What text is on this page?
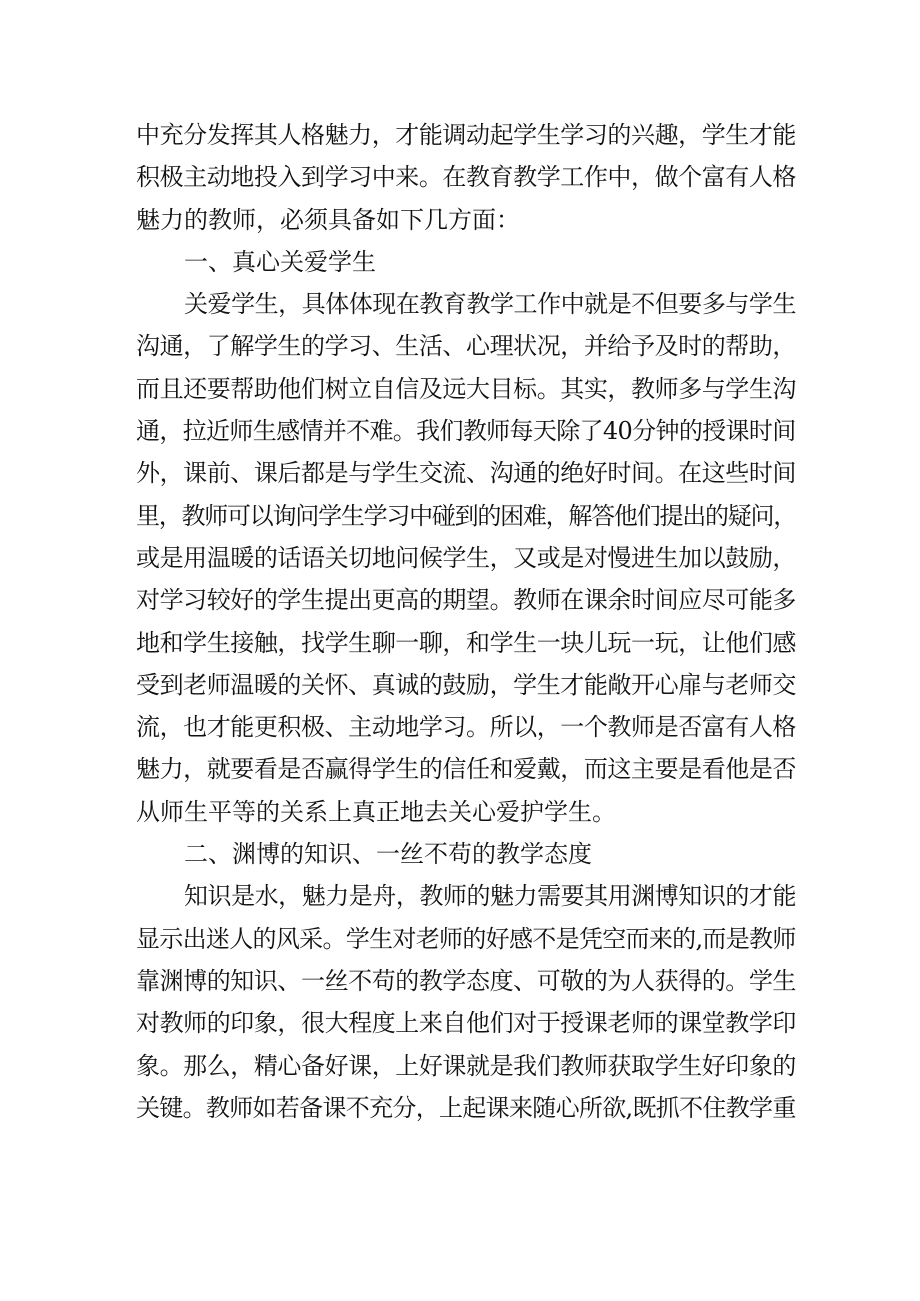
中充分发挥其人格魅力，才能调动起学生学习的兴趣，学生才能
积极主动地投入到学习中来。在教育教学工作中，做个富有人格
魅力的教师，必须具备如下几方面：
一、真心关爱学生
关爱学生，具体体现在教育教学工作中就是不但要多与学生
沟通，了解学生的学习、生活、心理状况，并给予及时的帮助，
而且还要帮助他们树立自信及远大目标。其实，教师多与学生沟
通，拉近师生感情并不难。我们教师每天除了40分钟的授课时间
外，课前、课后都是与学生交流、沟通的绝好时间。在这些时间
里，教师可以询问学生学习中碰到的困难，解答他们提出的疑问，
或是用温暖的话语关切地问候学生，又或是对慢进生加以鼓励，
对学习较好的学生提出更高的期望。教师在课余时间应尽可能多
地和学生接触，找学生聊一聊，和学生一块儿玩一玩，让他们感
受到老师温暖的关怀、真诚的鼓励，学生才能敞开心扉与老师交
流，也才能更积极、主动地学习。所以，一个教师是否富有人格
魅力，就要看是否赢得学生的信任和爱戴，而这主要是看他是否
从师生平等的关系上真正地去关心爱护学生。
二、渊博的知识、一丝不苟的教学态度
知识是水，魅力是舟，教师的魅力需要其用渊博知识的才能
显示出迷人的风采。学生对老师的好感不是凭空而来的,而是教师
靠渊博的知识、一丝不苟的教学态度、可敬的为人获得的。学生
对教师的印象，很大程度上来自他们对于授课老师的课堂教学印
象。那么，精心备好课，上好课就是我们教师获取学生好印象的
关键。教师如若备课不充分，上起课来随心所欲,既抓不住教学重
